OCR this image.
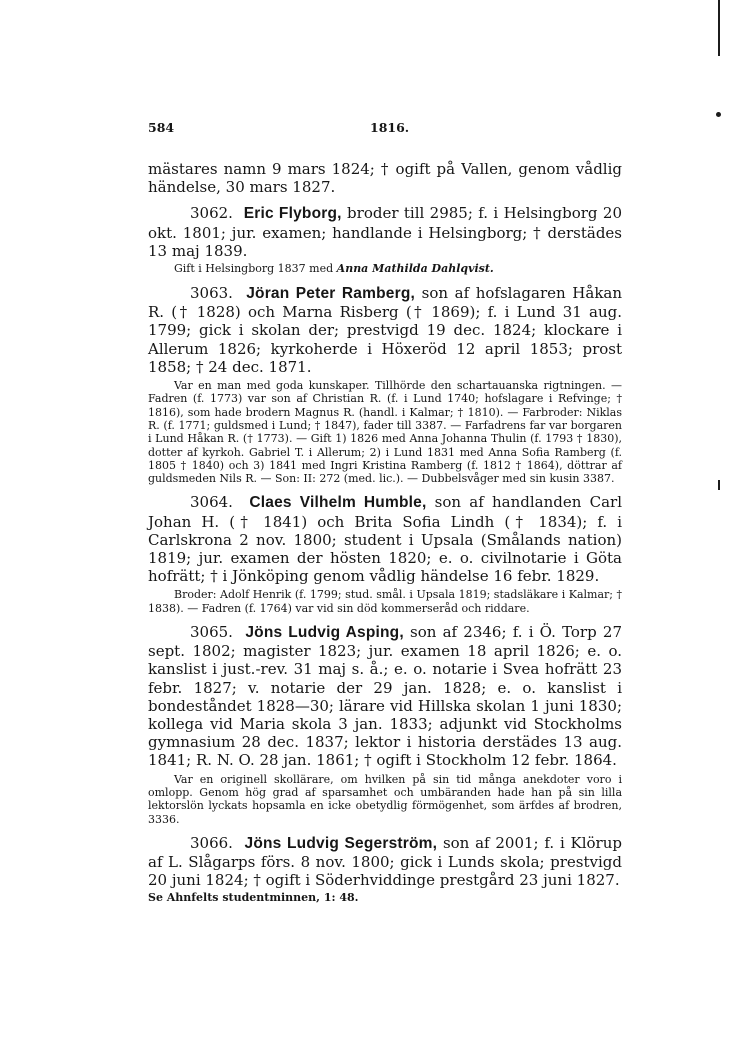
584	1816.

mästares namn 9 mars 1824; † ogift på Vallen, genom vådlig händelse, 30 mars 1827.

3062. Eric Flyborg, broder till 2985; f. i Helsingborg 20 okt. 1801; jur. examen; handlande i Helsingborg; † derstädes 13 maj 1839.

Gift i Helsingborg 1837 med Anna Mathilda Dahlqvist.

3063. Jöran Peter Ramberg, son af hofslagaren Håkan R. († 1828) och Marna Risberg († 1869); f. i Lund 31 aug. 1799; gick i skolan der; prestvigd 19 dec. 1824; klockare i Allerum 1826; kyrkoherde i Höxeröd 12 april 1853; prost 1858; † 24 dec. 1871.

Var en man med goda kunskaper. Tillhörde den schartauanska rigtningen. — Fadren (f. 1773) var son af Christian R. (f. i Lund 1740; hofslagare i Refvinge; † 1816), som hade brodern Magnus R. (handl. i Kalmar; † 1810). — Farbroder: Niklas R. (f. 1771; guldsmed i Lund; † 1847), fader till 3387. — Farfadrens far var borgaren i Lund Håkan R. († 1773). — Gift 1) 1826 med Anna Johanna Thulin (f. 1793 † 1830), dotter af kyrkoh. Gabriel T. i Allerum; 2) i Lund 1831 med Anna Sofia Ramberg (f. 1805 † 1840) och 3) 1841 med Ingri Kristina Ramberg (f. 1812 † 1864), döttrar af guldsmeden Nils R. — Son: II: 272 (med. lic.). — Dubbelsvåger med sin kusin 3387.

3064. Claes Vilhelm Humble, son af handlanden Carl Johan H. († 1841) och Brita Sofia Lindh († 1834); f. i Carlskrona 2 nov. 1800; student i Upsala (Smålands nation) 1819; jur. examen der hösten 1820; e. o. civilnotarie i Göta hofrätt; † i Jönköping genom vådlig händelse 16 febr. 1829.

Broder: Adolf Henrik (f. 1799; stud. smål. i Upsala 1819; stadsläkare i Kalmar; † 1838). — Fadren (f. 1764) var vid sin död kommerseråd och riddare.

3065. Jöns Ludvig Asping, son af 2346; f. i Ö. Torp 27 sept. 1802; magister 1823; jur. examen 18 april 1826; e. o. kanslist i just.-rev. 31 maj s. å.; e. o. notarie i Svea hofrätt 23 febr. 1827; v. notarie der 29 jan. 1828; e. o. kanslist i bondeståndet 1828—30; lärare vid Hillska skolan 1 juni 1830; kollega vid Maria skola 3 jan. 1833; adjunkt vid Stockholms gymnasium 28 dec. 1837; lektor i historia derstädes 13 aug. 1841; R. N. O. 28 jan. 1861; † ogift i Stockholm 12 febr. 1864.

Var en originell skollärare, om hvilken på sin tid många anekdoter voro i omlopp. Genom hög grad af sparsamhet och umbäranden hade han på sin lilla lektorslön lyckats hopsamla en icke obetydlig förmögenhet, som ärfdes af brodren, 3336.

3066. Jöns Ludvig Segerström, son af 2001; f. i Klörup af L. Slågarps förs. 8 nov. 1800; gick i Lunds skola; prestvigd 20 juni 1824; † ogift i Söderhviddinge prestgård 23 juni 1827.

Se Ahnfelts studentminnen, 1: 48.
